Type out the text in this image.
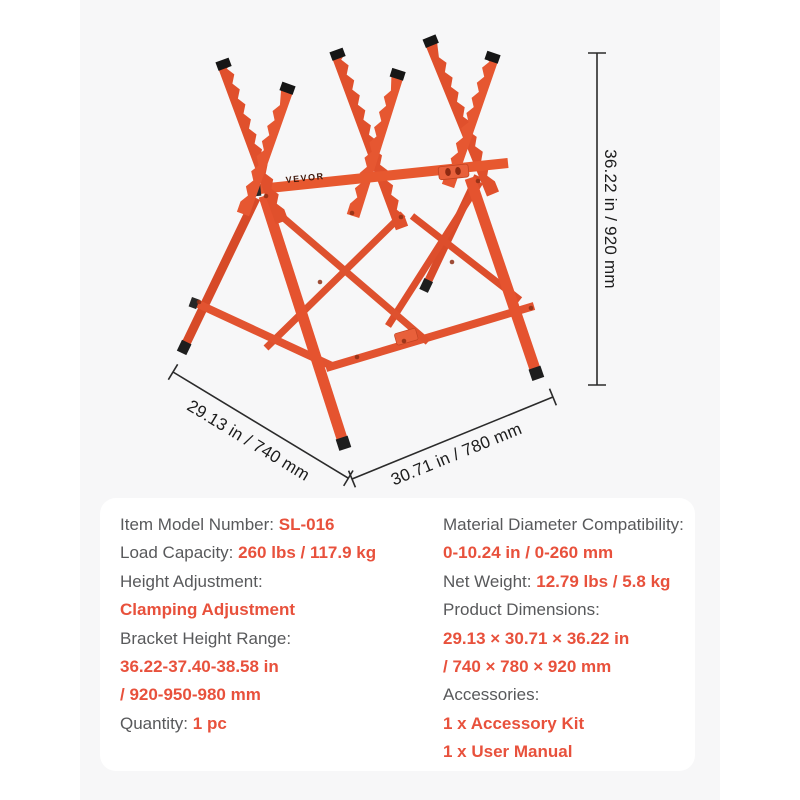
VEVOR	36.22 in / 920 mm
29.13 in / 740 mm	30.71 in / 780 mm
Item Model Number: SL-016
Load Capacity: 260 lbs / 117.9 kg
Height Adjustment:
Clamping Adjustment
Bracket Height Range:
36.22-37.40-38.58 in
/ 920-950-980 mm
Quantity: 1 pc
Material Diameter Compatibility:
0-10.24 in / 0-260 mm
Net Weight: 12.79 lbs / 5.8 kg
Product Dimensions:
29.13 × 30.71 × 36.22 in
/ 740 × 780 × 920 mm
Accessories:
1 x Accessory Kit
1 x User Manual
